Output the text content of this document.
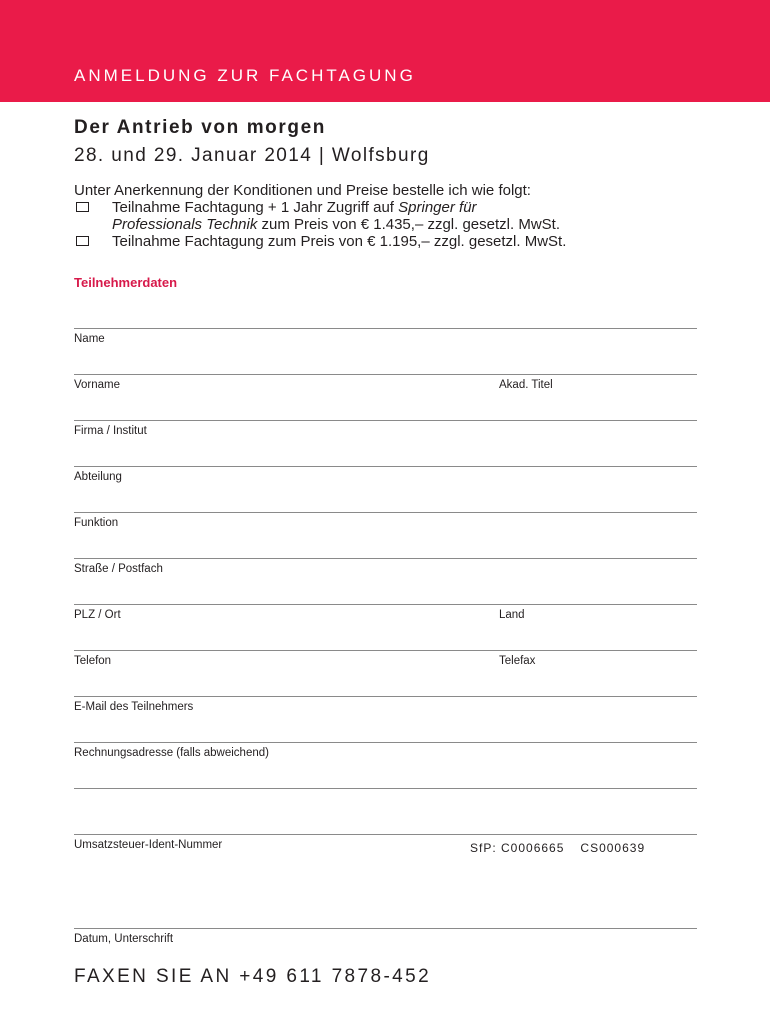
ANMELDUNG ZUR FACHTAGUNG
Der Antrieb von morgen
28. und 29. Januar 2014 | Wolfsburg
Unter Anerkennung der Konditionen und Preise bestelle ich wie folgt:
Teilnahme Fachtagung + 1 Jahr Zugriff auf Springer für
Professionals Technik zum Preis von € 1.435,– zzgl. gesetzl. MwSt.
Teilnahme Fachtagung zum Preis von € 1.195,– zzgl. gesetzl. MwSt.
Teilnehmerdaten
Name
Vorname	Akad. Titel
Firma / Institut
Abteilung
Funktion
Straße / Postfach
PLZ / Ort	Land
Telefon	Telefax
E-Mail des Teilnehmers
Rechnungsadresse (falls abweichend)
Umsatzsteuer-Ident-Nummer	SfP: C0006665 CS000639
Datum, Unterschrift
FAXEN SIE AN +49 611 7878-452
